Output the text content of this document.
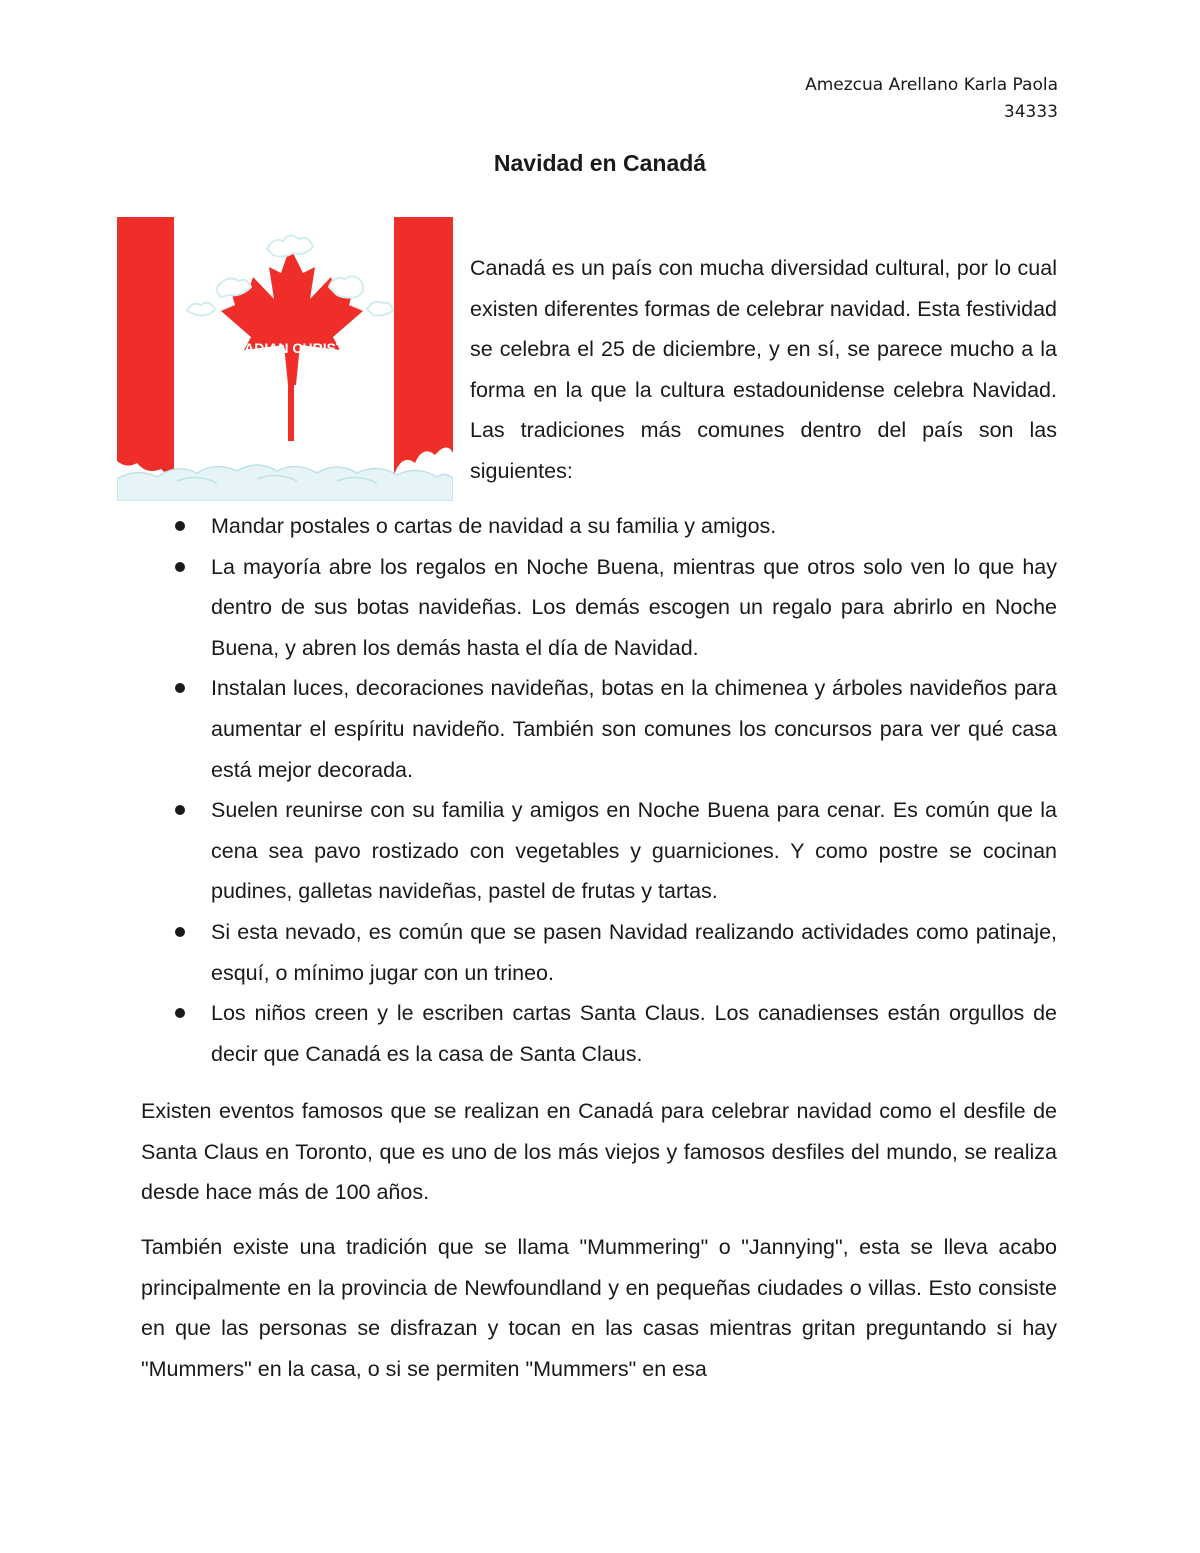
Amezcua Arellano Karla Paola
34333
Navidad en Canadá
A CANADIAN CHRISTMAS

Canadá es un país con mucha diversidad cultural, por lo cual existen diferentes formas de celebrar navidad. Esta festividad se celebra el 25 de diciembre, y en sí, se parece mucho a la forma en la que la cultura estadounidense celebra Navidad. Las tradiciones más comunes dentro del país son las siguientes:

Mandar postales o cartas de navidad a su familia y amigos.
La mayoría abre los regalos en Noche Buena, mientras que otros solo ven lo que hay dentro de sus botas navideñas. Los demás escogen un regalo para abrirlo en Noche Buena, y abren los demás hasta el día de Navidad.
Instalan luces, decoraciones navideñas, botas en la chimenea y árboles navideños para aumentar el espíritu navideño. También son comunes los concursos para ver qué casa está mejor decorada.
Suelen reunirse con su familia y amigos en Noche Buena para cenar. Es común que la cena sea pavo rostizado con vegetables y guarniciones. Y como postre se cocinan pudines, galletas navideñas, pastel de frutas y tartas.
Si esta nevado, es común que se pasen Navidad realizando actividades como patinaje, esquí, o mínimo jugar con un trineo.
Los niños creen y le escriben cartas Santa Claus. Los canadienses están orgullos de decir que Canadá es la casa de Santa Claus.

Existen eventos famosos que se realizan en Canadá para celebrar navidad como el desfile de Santa Claus en Toronto, que es uno de los más viejos y famosos desfiles del mundo, se realiza desde hace más de 100 años.

También existe una tradición que se llama "Mummering" o "Jannying", esta se lleva acabo principalmente en la provincia de Newfoundland y en pequeñas ciudades o villas. Esto consiste en que las personas se disfrazan y tocan en las casas mientras gritan preguntando si hay "Mummers" en la casa, o si se permiten "Mummers" en esa
